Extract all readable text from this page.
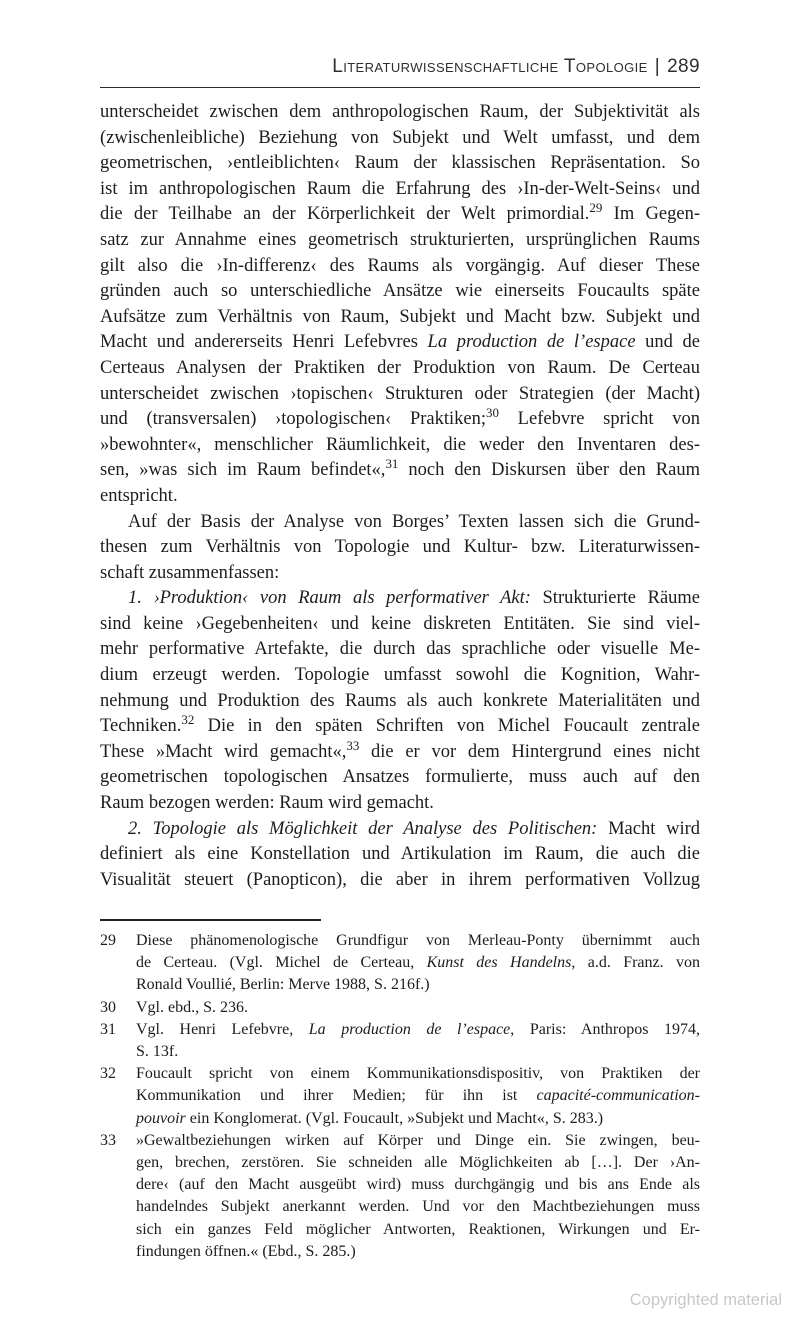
Literaturwissenschaftliche Topologie | 289
unterscheidet zwischen dem anthropologischen Raum, der Subjektivität als
(zwischenleibliche) Beziehung von Subjekt und Welt umfasst, und dem
geometrischen, ›entleiblichten‹ Raum der klassischen Repräsentation. So
ist im anthropologischen Raum die Erfahrung des ›In-der-Welt-Seins‹ und
die der Teilhabe an der Körperlichkeit der Welt primordial.$^{29}$ Im Gegen-
satz zur Annahme eines geometrisch strukturierten, ursprünglichen Raums
gilt also die ›In-differenz‹ des Raums als vorgängig. Auf dieser These
gründen auch so unterschiedliche Ansätze wie einerseits Foucaults späte
Aufsätze zum Verhältnis von Raum, Subjekt und Macht bzw. Subjekt und
Macht und andererseits Henri Lefebvres La production de l’espace und de
Certeaus Analysen der Praktiken der Produktion von Raum. De Certeau
unterscheidet zwischen ›topischen‹ Strukturen oder Strategien (der Macht)
und (transversalen) ›topologischen‹ Praktiken;$^{30}$ Lefebvre spricht von
»bewohnter«, menschlicher Räumlichkeit, die weder den Inventaren des-
sen, »was sich im Raum befindet«,$^{31}$ noch den Diskursen über den Raum
entspricht.
Auf der Basis der Analyse von Borges’ Texten lassen sich die Grund-
thesen zum Verhältnis von Topologie und Kultur- bzw. Literaturwissen-
schaft zusammenfassen:
1. ›Produktion‹ von Raum als performativer Akt: Strukturierte Räume
sind keine ›Gegebenheiten‹ und keine diskreten Entitäten. Sie sind viel-
mehr performative Artefakte, die durch das sprachliche oder visuelle Me-
dium erzeugt werden. Topologie umfasst sowohl die Kognition, Wahr-
nehmung und Produktion des Raums als auch konkrete Materialitäten und
Techniken.$^{32}$ Die in den späten Schriften von Michel Foucault zentrale
These »Macht wird gemacht«,$^{33}$ die er vor dem Hintergrund eines nicht
geometrischen topologischen Ansatzes formulierte, muss auch auf den
Raum bezogen werden: Raum wird gemacht.
2. Topologie als Möglichkeit der Analyse des Politischen: Macht wird
definiert als eine Konstellation und Artikulation im Raum, die auch die
Visualität steuert (Panopticon), die aber in ihrem performativen Vollzug
29	Diese phänomenologische Grundfigur von Merleau-Ponty übernimmt auch
de Certeau. (Vgl. Michel de Certeau, Kunst des Handelns, a.d. Franz. von
Ronald Voullié, Berlin: Merve 1988, S. 216f.)
30	Vgl. ebd., S. 236.
31	Vgl. Henri Lefebvre, La production de l’espace, Paris: Anthropos 1974,
S. 13f.
32	Foucault spricht von einem Kommunikationsdispositiv, von Praktiken der
Kommunikation und ihrer Medien; für ihn ist capacité-communication-
pouvoir ein Konglomerat. (Vgl. Foucault, »Subjekt und Macht«, S. 283.)
33	»Gewaltbeziehungen wirken auf Körper und Dinge ein. Sie zwingen, beu-
gen, brechen, zerstören. Sie schneiden alle Möglichkeiten ab […]. Der ›An-
dere‹ (auf den Macht ausgeübt wird) muss durchgängig und bis ans Ende als
handelndes Subjekt anerkannt werden. Und vor den Machtbeziehungen muss
sich ein ganzes Feld möglicher Antworten, Reaktionen, Wirkungen und Er-
findungen öffnen.« (Ebd., S. 285.)
Copyrighted material
